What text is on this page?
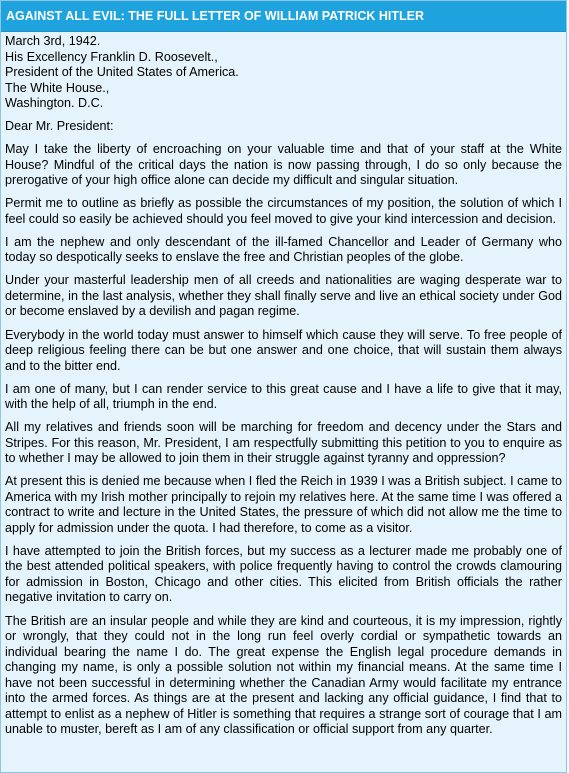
AGAINST ALL EVIL: THE FULL LETTER OF WILLIAM PATRICK HITLER
March 3rd, 1942.
His Excellency Franklin D. Roosevelt.,
President of the United States of America.
The White House.,
Washington. D.C.

Dear Mr. President:

May I take the liberty of encroaching on your valuable time and that of your staff at the White House? Mindful of the critical days the nation is now passing through, I do so only because the prerogative of your high office alone can decide my difficult and singular situation.

Permit me to outline as briefly as possible the circumstances of my position, the solution of which I feel could so easily be achieved should you feel moved to give your kind intercession and decision.

I am the nephew and only descendant of the ill-famed Chancellor and Leader of Germany who today so despotically seeks to enslave the free and Christian peoples of the globe.

Under your masterful leadership men of all creeds and nationalities are waging desperate war to determine, in the last analysis, whether they shall finally serve and live an ethical society under God or become enslaved by a devilish and pagan regime.

Everybody in the world today must answer to himself which cause they will serve. To free people of deep religious feeling there can be but one answer and one choice, that will sustain them always and to the bitter end.

I am one of many, but I can render service to this great cause and I have a life to give that it may, with the help of all, triumph in the end.

All my relatives and friends soon will be marching for freedom and decency under the Stars and Stripes. For this reason, Mr. President, I am respectfully submitting this petition to you to enquire as to whether I may be allowed to join them in their struggle against tyranny and oppression?

At present this is denied me because when I fled the Reich in 1939 I was a British subject. I came to America with my Irish mother principally to rejoin my relatives here. At the same time I was offered a contract to write and lecture in the United States, the pressure of which did not allow me the time to apply for admission under the quota. I had therefore, to come as a visitor.

I have attempted to join the British forces, but my success as a lecturer made me probably one of the best attended political speakers, with police frequently having to control the crowds clamouring for admission in Boston, Chicago and other cities. This elicited from British officials the rather negative invitation to carry on.

The British are an insular people and while they are kind and courteous, it is my impression, rightly or wrongly, that they could not in the long run feel overly cordial or sympathetic towards an individual bearing the name I do. The great expense the English legal procedure demands in changing my name, is only a possible solution not within my financial means. At the same time I have not been successful in determining whether the Canadian Army would facilitate my entrance into the armed forces. As things are at the present and lacking any official guidance, I find that to attempt to enlist as a nephew of Hitler is something that requires a strange sort of courage that I am unable to muster, bereft as I am of any classification or official support from any quarter.
